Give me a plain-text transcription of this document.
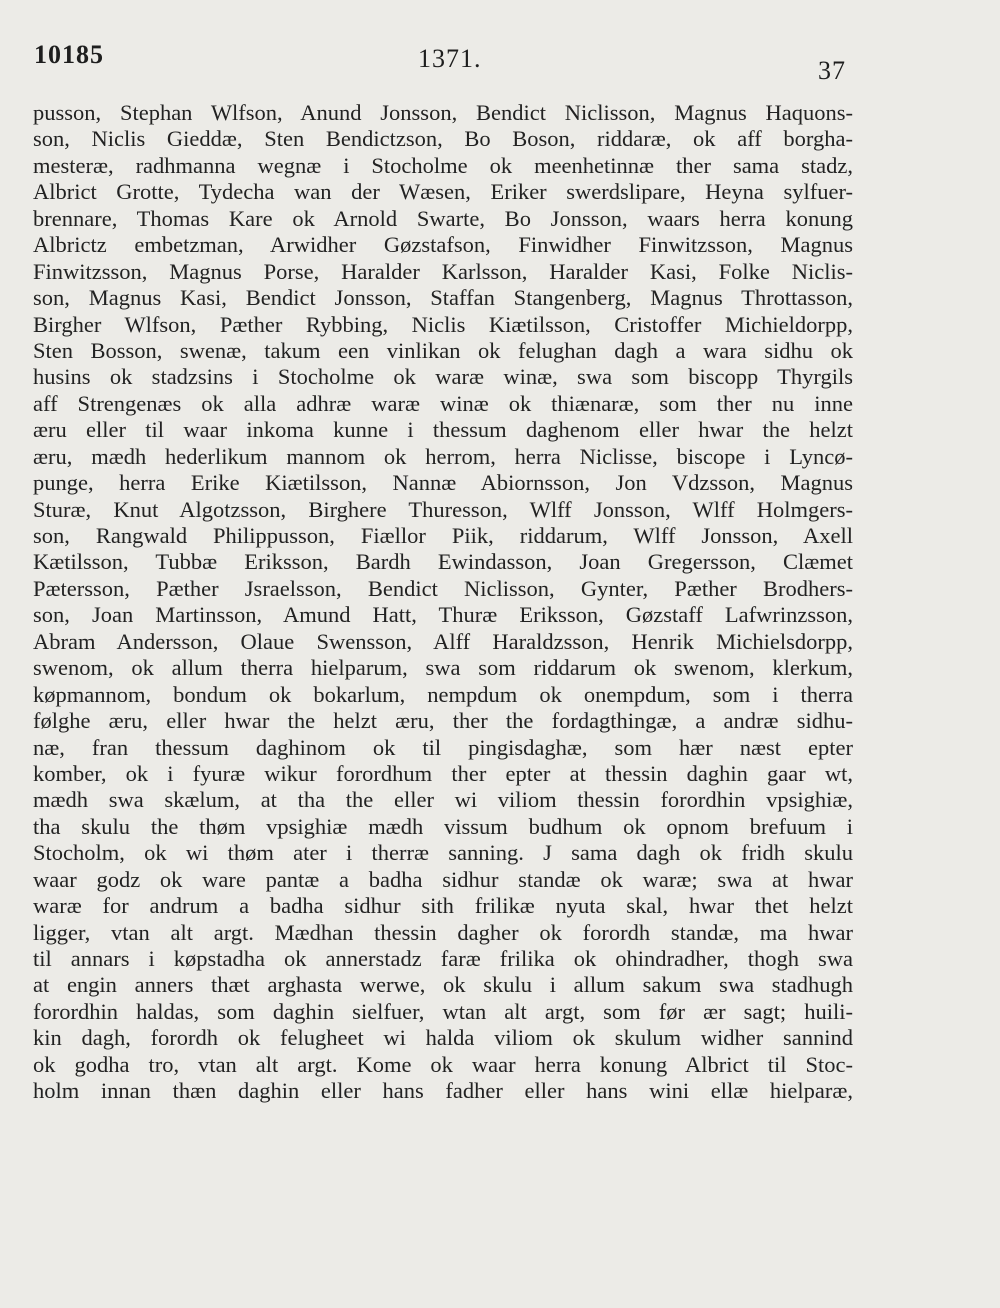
10185	1371.	37
pusson, Stephan Wlfson, Anund Jonsson, Bendict Niclisson, Magnus Haquons-
son, Niclis Gieddæ, Sten Bendictzson, Bo Boson, riddaræ, ok aff borgha-
mesteræ, radhmanna wegnæ i Stocholme ok meenhetinnæ ther sama stadz,
Albrict Grotte, Tydecha wan der Wæsen, Eriker swerdslipare, Heyna sylfuer-
brennare, Thomas Kare ok Arnold Swarte, Bo Jonsson, waars herra konung
Albrictz embetzman, Arwidher Gøzstafson, Finwidher Finwitzsson, Magnus
Finwitzsson, Magnus Porse, Haralder Karlsson, Haralder Kasi, Folke Niclis-
son, Magnus Kasi, Bendict Jonsson, Staffan Stangenberg, Magnus Throttasson,
Birgher Wlfson, Pæther Rybbing, Niclis Kiætilsson, Cristoffer Michieldorpp,
Sten Bosson, swenæ, takum een vinlikan ok felughan dagh a wara sidhu ok
husins ok stadzsins i Stocholme ok waræ winæ, swa som biscopp Thyrgils
aff Strengenæs ok alla adhræ waræ winæ ok thiænaræ, som ther nu inne
æru eller til waar inkoma kunne i thessum daghenom eller hwar the helzt
æru, mædh hederlikum mannom ok herrom, herra Niclisse, biscope i Lyncø-
punge, herra Erike Kiætilsson, Nannæ Abiornsson, Jon Vdzsson, Magnus
Sturæ, Knut Algotzsson, Birghere Thuresson, Wlff Jonsson, Wlff Holmgers-
son, Rangwald Philippusson, Fiællor Piik, riddarum, Wlff Jonsson, Axell
Kætilsson, Tubbæ Eriksson, Bardh Ewindasson, Joan Gregersson, Clæmet
Pætersson, Pæther Jsraelsson, Bendict Niclisson, Gynter, Pæther Brodhers-
son, Joan Martinsson, Amund Hatt, Thuræ Eriksson, Gøzstaff Lafwrinzsson,
Abram Andersson, Olaue Swensson, Alff Haraldzsson, Henrik Michielsdorpp,
swenom, ok allum therra hielparum, swa som riddarum ok swenom, klerkum,
køpmannom, bondum ok bokarlum, nempdum ok onempdum, som i therra
følghe æru, eller hwar the helzt æru, ther the fordagthingæ, a andræ sidhu-
næ, fran thessum daghinom ok til pingisdaghæ, som hær næst epter
komber, ok i fyuræ wikur forordhum ther epter at thessin daghin gaar wt,
mædh swa skælum, at tha the eller wi viliom thessin forordhin vpsighiæ,
tha skulu the thøm vpsighiæ mædh vissum budhum ok opnom brefuum i
Stocholm, ok wi thøm ater i therræ sanning. J sama dagh ok fridh skulu
waar godz ok ware pantæ a badha sidhur standæ ok waræ; swa at hwar
waræ for andrum a badha sidhur sith frilikæ nyuta skal, hwar thet helzt
ligger, vtan alt argt. Mædhan thessin dagher ok forordh standæ, ma hwar
til annars i køpstadha ok annerstadz faræ frilika ok ohindradher, thogh swa
at engin anners thæt arghasta werwe, ok skulu i allum sakum swa stadhugh
forordhin haldas, som daghin sielfuer, wtan alt argt, som før ær sagt; huili-
kin dagh, forordh ok felugheet wi halda viliom ok skulum widher sannind
ok godha tro, vtan alt argt. Kome ok waar herra konung Albrict til Stoc-
holm innan thæn daghin eller hans fadher eller hans wini ellæ hielparæ,
